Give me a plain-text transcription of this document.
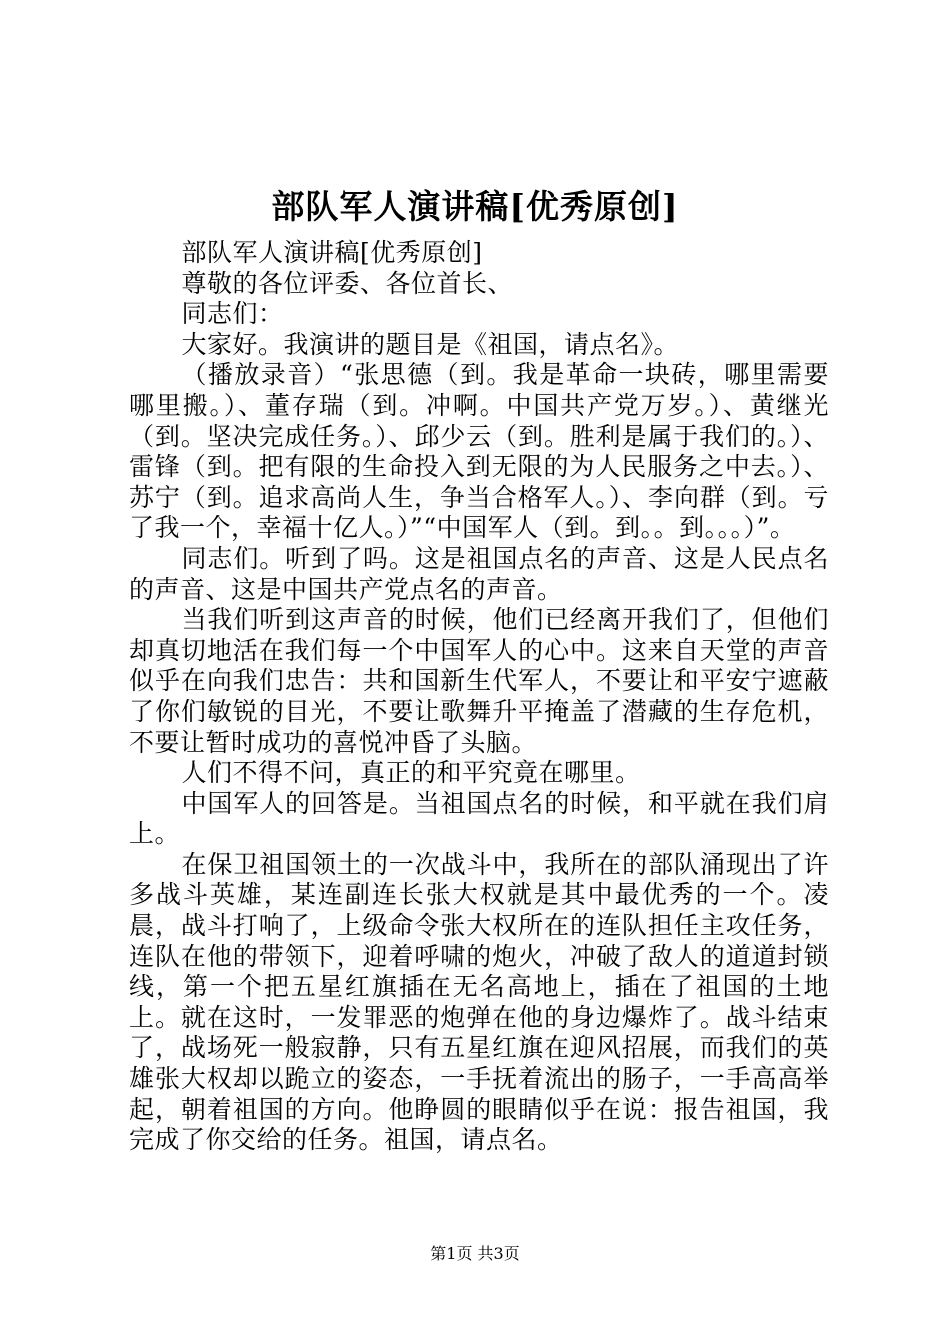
部队军人演讲稿[优秀原创]

部队军人演讲稿[优秀原创]

尊敬的各位评委、各位首长、

同志们：

大家好。我演讲的题目是《祖国，请点名》。

（播放录音）“张思德（到。我是革命一块砖，哪里需要哪里搬。）、董存瑞（到。冲啊。中国共产党万岁。）、黄继光（到。坚决完成任务。）、邱少云（到。胜利是属于我们的。）、雷锋（到。把有限的生命投入到无限的为人民服务之中去。）、苏宁（到。追求高尚人生，争当合格军人。）、李向群（到。亏了我一个，幸福十亿人。）”“中国军人（到。到。。到。。。）”。

同志们。听到了吗。这是祖国点名的声音、这是人民点名的声音、这是中国共产党点名的声音。

当我们听到这声音的时候，他们已经离开我们了，但他们却真切地活在我们每一个中国军人的心中。这来自天堂的声音似乎在向我们忠告：共和国新生代军人，不要让和平安宁遮蔽了你们敏锐的目光，不要让歌舞升平掩盖了潜藏的生存危机，不要让暂时成功的喜悦冲昏了头脑。

人们不得不问，真正的和平究竟在哪里。

中国军人的回答是。当祖国点名的时候，和平就在我们肩上。

在保卫祖国领土的一次战斗中，我所在的部队涌现出了许多战斗英雄，某连副连长张大权就是其中最优秀的一个。凌晨，战斗打响了，上级命令张大权所在的连队担任主攻任务，连队在他的带领下，迎着呼啸的炮火，冲破了敌人的道道封锁线，第一个把五星红旗插在无名高地上，插在了祖国的土地上。就在这时，一发罪恶的炮弹在他的身边爆炸了。战斗结束了，战场死一般寂静，只有五星红旗在迎风招展，而我们的英雄张大权却以跪立的姿态，一手抚着流出的肠子，一手高高举起，朝着祖国的方向。他睁圆的眼睛似乎在说：报告祖国，我完成了你交给的任务。祖国，请点名。

第1页 共3页
